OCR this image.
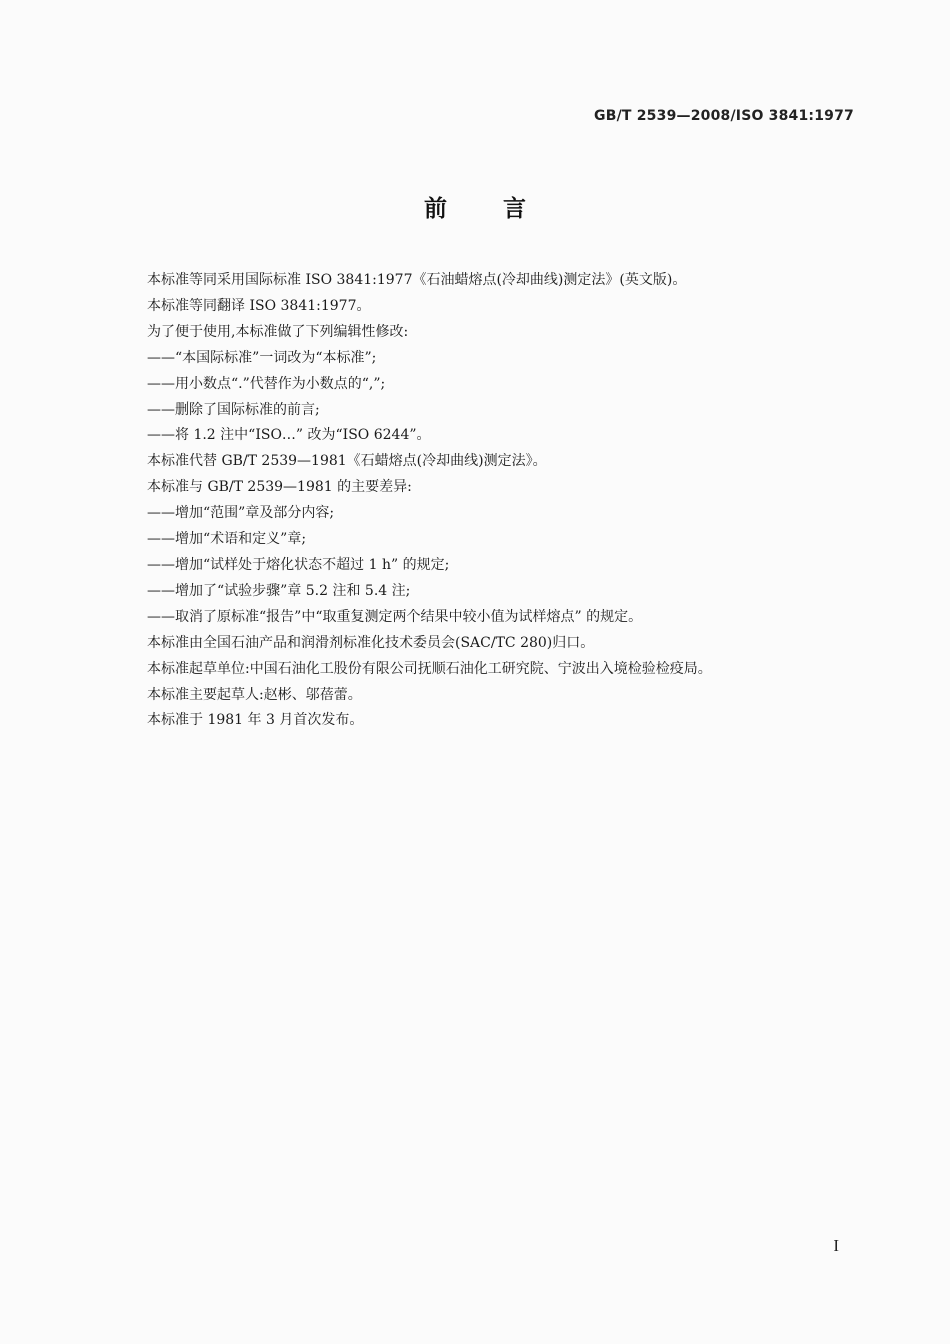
GB/T 2539—2008/ISO 3841:1977
前言
本标准等同采用国际标准 ISO 3841:1977《石油蜡熔点(冷却曲线)测定法》(英文版)。
本标准等同翻译 ISO 3841:1977。
为了便于使用,本标准做了下列编辑性修改:
——“本国际标准”一词改为“本标准”;
——用小数点“.”代替作为小数点的“,”;
——删除了国际标准的前言;
——将 1.2 注中“ISO…” 改为“ISO 6244”。
本标准代替 GB/T 2539—1981《石蜡熔点(冷却曲线)测定法》。
本标准与 GB/T 2539—1981 的主要差异:
——增加“范围”章及部分内容;
——增加“术语和定义”章;
——增加“试样处于熔化状态不超过 1 h” 的规定;
——增加了“试验步骤”章 5.2 注和 5.4 注;
——取消了原标准“报告”中“取重复测定两个结果中较小值为试样熔点” 的规定。
本标准由全国石油产品和润滑剂标准化技术委员会(SAC/TC 280)归口。
本标准起草单位:中国石油化工股份有限公司抚顺石油化工研究院、宁波出入境检验检疫局。
本标准主要起草人:赵彬、邬蓓蕾。
本标准于 1981 年 3 月首次发布。
I
